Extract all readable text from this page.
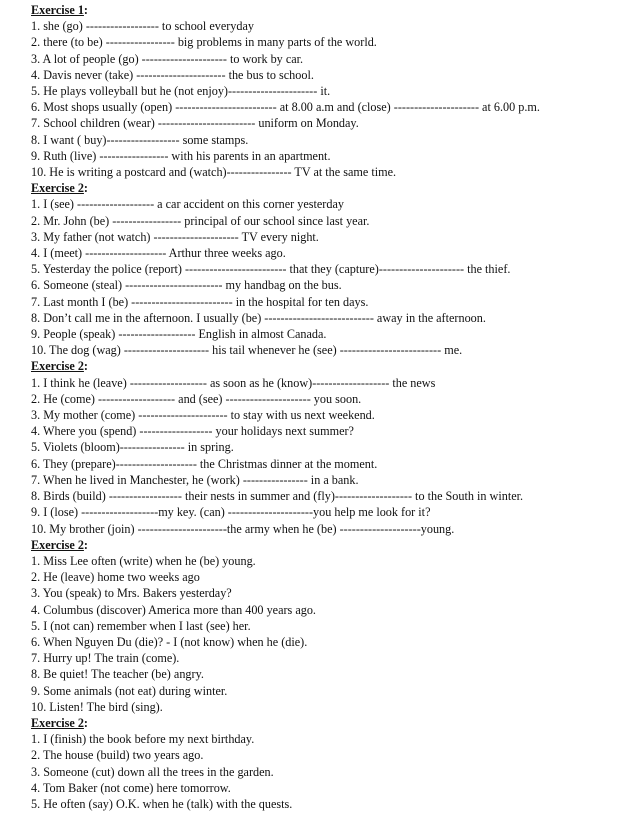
Exercise 1:
1. she (go) ------------------ to school everyday
2. there (to be) ----------------- big problems in many parts of the world.
3. A lot of people (go) --------------------- to work by car.
4. Davis never (take) ---------------------- the bus to school.
5. He plays volleyball but he (not enjoy)---------------------- it.
6. Most shops usually (open) ------------------------- at 8.00 a.m and (close) --------------------- at 6.00 p.m.
7. School children (wear) ------------------------ uniform on Monday.
8. I want ( buy)------------------ some stamps.
9. Ruth (live) ----------------- with his parents in an apartment.
10. He is writing a postcard and (watch)---------------- TV at the same time.
Exercise 2:
1. I (see) ------------------- a car accident on this corner yesterday
2. Mr. John (be) ----------------- principal of our school since last year.
3. My father (not watch) --------------------- TV every night.
4. I (meet) -------------------- Arthur three weeks ago.
5. Yesterday the police (report) ------------------------- that they (capture)--------------------- the thief.
6. Someone (steal) ------------------------ my handbag on the bus.
7. Last month I (be) ------------------------- in the hospital for ten days.
8. Don’t call me in the afternoon. I usually (be) --------------------------- away in the afternoon.
9. People (speak) ------------------- English in almost Canada.
10. The dog (wag) --------------------- his tail whenever he (see) ------------------------- me.
Exercise 2:
1. I think he (leave) ------------------- as soon as he (know)------------------- the news
2. He (come) ------------------- and (see) --------------------- you soon.
3. My mother (come) ---------------------- to stay with us next weekend.
4. Where you (spend) ------------------ your holidays next summer?
5. Violets (bloom)---------------- in spring.
6. They (prepare)-------------------- the Christmas dinner at the moment.
7. When he lived in Manchester, he (work) ---------------- in a bank.
8. Birds (build) ------------------ their nests in summer and (fly)------------------- to the South in winter.
9. I (lose) -------------------my key. (can) ---------------------you help me look for it?
10. My brother (join) ----------------------the army when he (be) --------------------young.
Exercise 2:
1. Miss Lee often (write) when he (be) young.
2. He (leave) home two weeks ago
3. You (speak) to Mrs. Bakers yesterday?
4. Columbus (discover) America more than 400 years ago.
5. I (not can) remember when I last (see) her.
6. When Nguyen Du (die)? - I (not know) when he (die).
7. Hurry up! The train (come).
8. Be quiet! The teacher (be) angry.
9. Some animals (not eat) during winter.
10. Listen! The bird (sing).
Exercise 2:
1. I (finish) the book before my next birthday.
2. The house (build) two years ago.
3. Someone (cut) down all the trees in the garden.
4. Tom Baker (not come) here tomorrow.
5. He often (say) O.K. when he (talk) with the quests.
